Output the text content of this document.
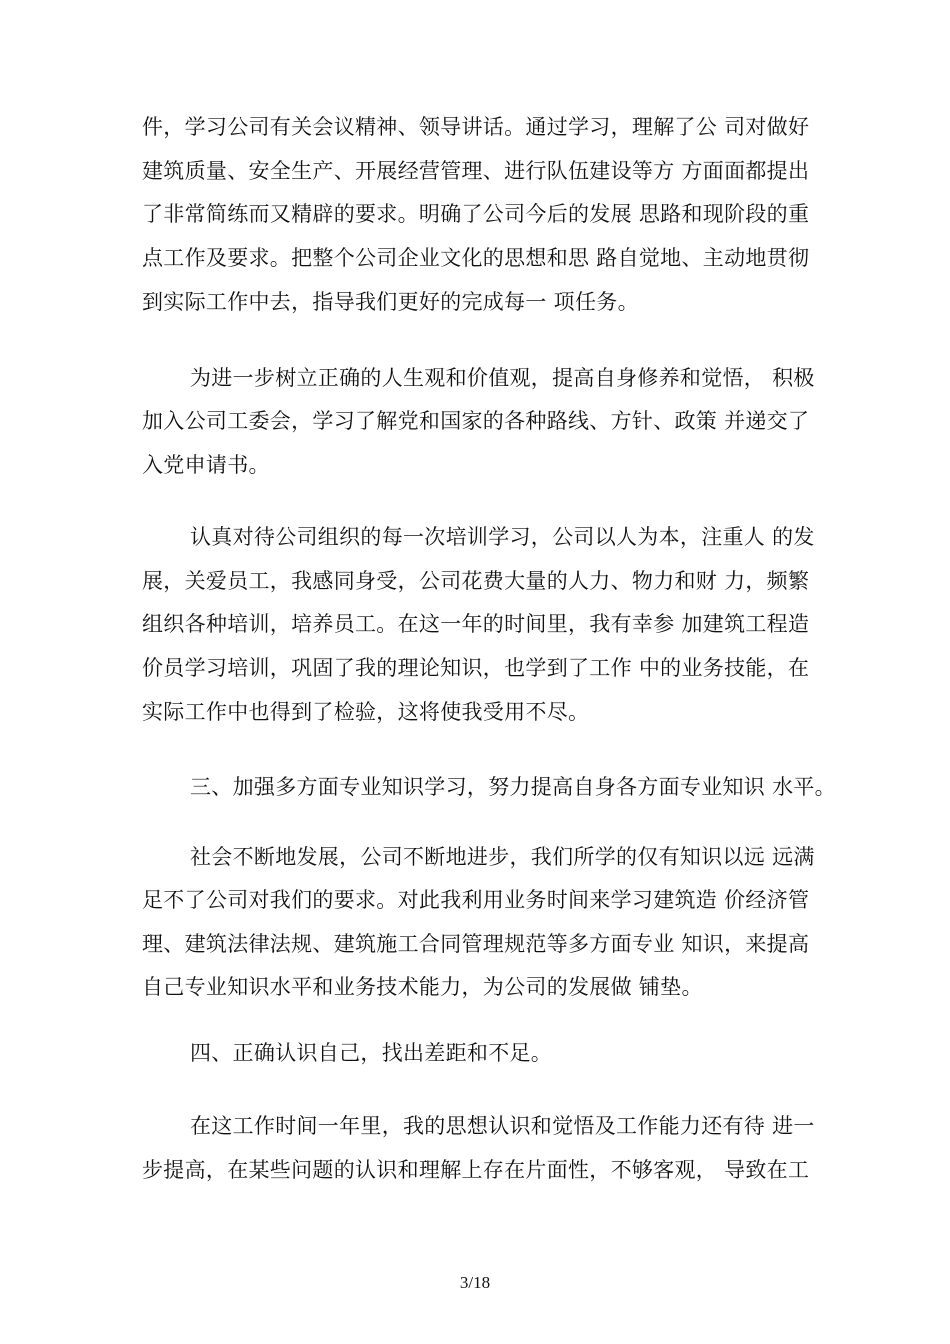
件，学习公司有关会议精神、领导讲话。通过学习，理解了公 司对做好
建筑质量、安全生产、开展经营管理、进行队伍建设等方 方面面都提出
了非常简练而又精辟的要求。明确了公司今后的发展 思路和现阶段的重
点工作及要求。把整个公司企业文化的思想和思 路自觉地、主动地贯彻
到实际工作中去，指导我们更好的完成每一 项任务。
为进一步树立正确的人生观和价值观，提高自身修养和觉悟， 积极
加入公司工委会，学习了解党和国家的各种路线、方针、政策 并递交了
入党申请书。
认真对待公司组织的每一次培训学习，公司以人为本，注重人 的发
展，关爱员工，我感同身受，公司花费大量的人力、物力和财 力，频繁
组织各种培训，培养员工。在这一年的时间里，我有幸参 加建筑工程造
价员学习培训，巩固了我的理论知识，也学到了工作 中的业务技能，在
实际工作中也得到了检验，这将使我受用不尽。
三、加强多方面专业知识学习，努力提高自身各方面专业知识 水平。
社会不断地发展，公司不断地进步，我们所学的仅有知识以远 远满
足不了公司对我们的要求。对此我利用业务时间来学习建筑造 价经济管
理、建筑法律法规、建筑施工合同管理规范等多方面专业 知识，来提高
自己专业知识水平和业务技术能力，为公司的发展做 铺垫。
四、正确认识自己，找出差距和不足。
在这工作时间一年里，我的思想认识和觉悟及工作能力还有待 进一
步提高，在某些问题的认识和理解上存在片面性，不够客观， 导致在工
3/18
